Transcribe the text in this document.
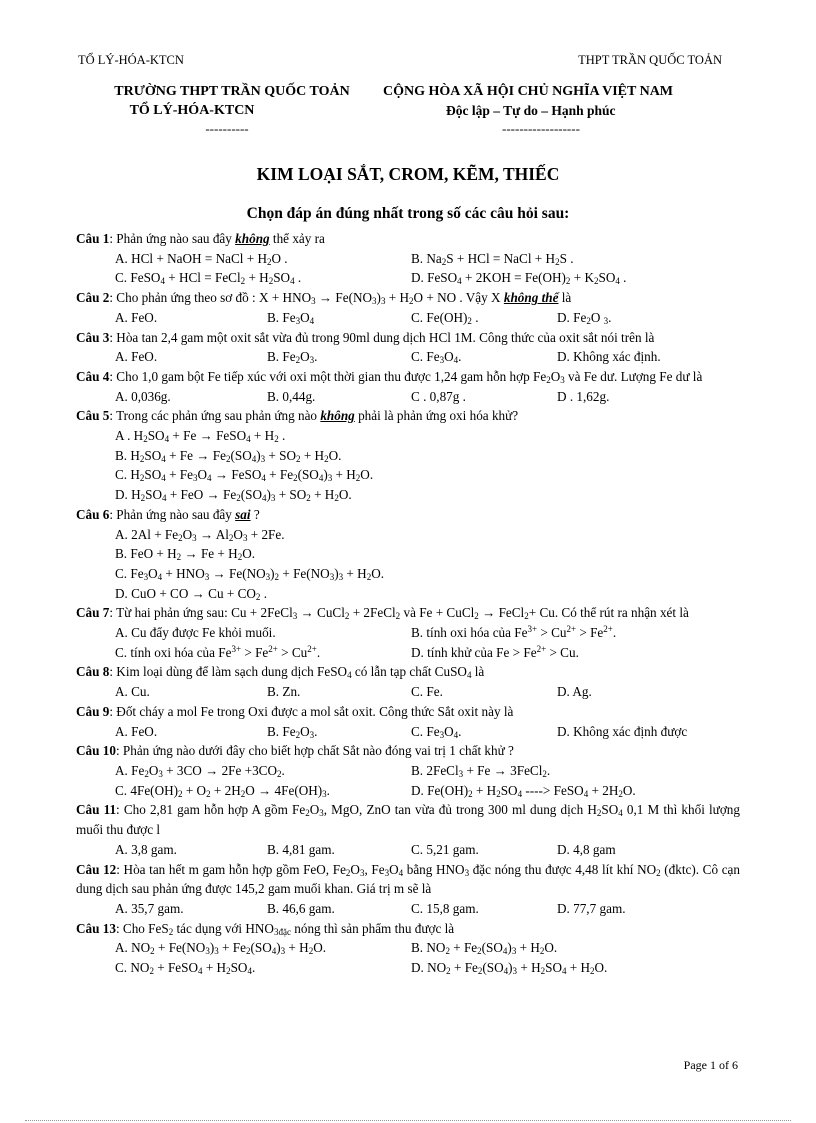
TỔ LÝ-HÓA-KTCN	THPT TRẦN QUỐC TOẢN
TRƯỜNG THPT TRẦN QUỐC TOẢN
TỔ LÝ-HÓA-KTCN
----------
CỘNG HÒA XÃ HỘI CHỦ NGHĨA VIỆT NAM
Độc lập – Tự do – Hạnh phúc
------------------
KIM LOẠI SẮT, CROM, KẼM, THIẾC
Chọn đáp án đúng nhất trong số các câu hỏi sau:
Câu 1: Phản ứng nào sau đây không thể xảy ra
A. HCl + NaOH = NaCl + $H_2O$ .	B. $Na_2S$ + HCl = NaCl + $H_2S$ .
C. FeSO$_4$ + HCl = FeCl$_2$ + $H_2SO_4$ .	D. FeSO$_4$ + $2KOH = Fe(OH)_2 + K_2SO_4$ .
Câu 2: Cho phản ứng theo sơ đồ : $X + HNO_3 \to Fe(NO_3)_3 + H_2O$ + NO . Vậy X không thể là
A. FeO.	B. $Fe_3O_4$	C. $Fe(OH)_2$ .	D. $Fe_2O$ $_3$.
Câu 3: Hòa tan 2,4 gam một oxit sắt vừa đủ trong 90ml dung dịch HCl 1M. Công thức của oxit sắt nói trên là
A. FeO.	B. $Fe_2O_3$.	C. $Fe_3O_4$.	D. Không xác định.
Câu 4: Cho 1,0 gam bột Fe tiếp xúc với oxi một thời gian thu được 1,24 gam hỗn hợp $Fe_2O_3$ và Fe dư. Lượng Fe dư là
A. 0,036g.	B. 0,44g.	C . 0,87g .	D . 1,62g.
Câu 5: Trong các phản ứng sau phản ứng nào không phải là phản ứng oxi hóa khử?
A . $H_2SO_4 + Fe$ → FeSO$_4$ + $H_2$ .
B. $H_2SO_4 + Fe \to Fe_2(SO_4)_3 + SO_2 + H_2O$.
C. $H_2SO_4 + Fe_3O_4$ → FeSO$_4$ + $Fe_2(SO_4)_3 + H_2O$.
D. $H_2SO_4$ + FeO → $Fe_2(SO_4)_3 + SO_2 + H_2O$.
Câu 6: Phản ứng nào sau đây sai ?
A. $2Al + Fe_2O_3 \to Al_2O_3 + 2Fe$.
B. FeO + $H_2 \to Fe + H_2O$.
C. $Fe_3O_4 + HNO_3 \to Fe(NO_3)_2 + Fe(NO_3)_3 + H_2O$.
D. CuO + CO → $Cu + CO_2$ .
Câu 7: Từ hai phản ứng sau: Cu + 2FeCl$_3$ → CuCl$_2$ + 2FeCl$_2$ và Fe + CuCl$_2$ → FeCl$_2$+ Cu. Có thể rút ra nhận xét là
A. Cu đẩy được Fe khỏi muối.	B. tính oxi hóa của $Fe^{3+} > Cu^{2+} > Fe^{2+}$.
C. tính oxi hóa của $Fe^{3+} > Fe^{2+} > Cu^{2+}$.	D. tính khử của $Fe > Fe^{2+} > Cu$.
Câu 8: Kim loại dùng để làm sạch dung dịch FeSO$_4$ có lẫn tạp chất CuSO$_4$ là
A. Cu.	B. Zn.	C. Fe.	D. Ag.
Câu 9: Đốt cháy a mol Fe trong Oxi được a mol sắt oxit. Công thức Sắt oxit này là
A. FeO.	B. $Fe_2O_3$.	C. $Fe_3O_4$.	D. Không xác định được
Câu 10: Phản ứng nào dưới đây cho biết hợp chất Sắt nào đóng vai trị 1 chất khử ?
A. $Fe_2O_3 + 3CO \to 2Fe +3CO_2$.	B. 2FeCl$_3$ + Fe → 3FeCl$_2$.
C. $4Fe(OH)_2 + O_2 + 2H_2O \to 4Fe(OH)_3$.	D. $Fe(OH)_2 + H_2SO_4$ ----> FeSO$_4$ + $2H_2O$.
Câu 11: Cho 2,81 gam hỗn hợp A gồm $Fe_2O_3$, MgO, ZnO tan vừa đủ trong 300 ml dung dịch $H_2SO_4$ 0,1 M thì khối lượng muối thu được l
A. 3,8 gam.	B. 4,81 gam.	C. 5,21 gam.	D. 4,8 gam
Câu 12: Hòa tan hết m gam hỗn hợp gồm FeO, $Fe_2O_3$, $Fe_3O_4$ bằng $HNO_3$ đặc nóng thu được 4,48 lít khí $NO_2$ (đktc). Cô cạn dung dịch sau phản ứng được 145,2 gam muối khan. Giá trị m sẽ là
A. 35,7 gam.	B. 46,6 gam.	C. 15,8 gam.	D. 77,7 gam.
Câu 13: Cho FeS$_2$ tác dụng với $HNO_{3đặc}$ nóng thì sản phẩm thu được là
A. $NO_2 + Fe(NO_3)_3 + Fe_2(SO_4)_3 + H_2O$.	B. $NO_2 + Fe_2(SO_4)_3 + H_2O$.
C. $NO_2$ + FeSO$_4$ + $H_2SO_4$.	D. $NO_2 + Fe_2(SO_4)_3 + H_2SO_4 + H_2O$.
Page 1 of 6
